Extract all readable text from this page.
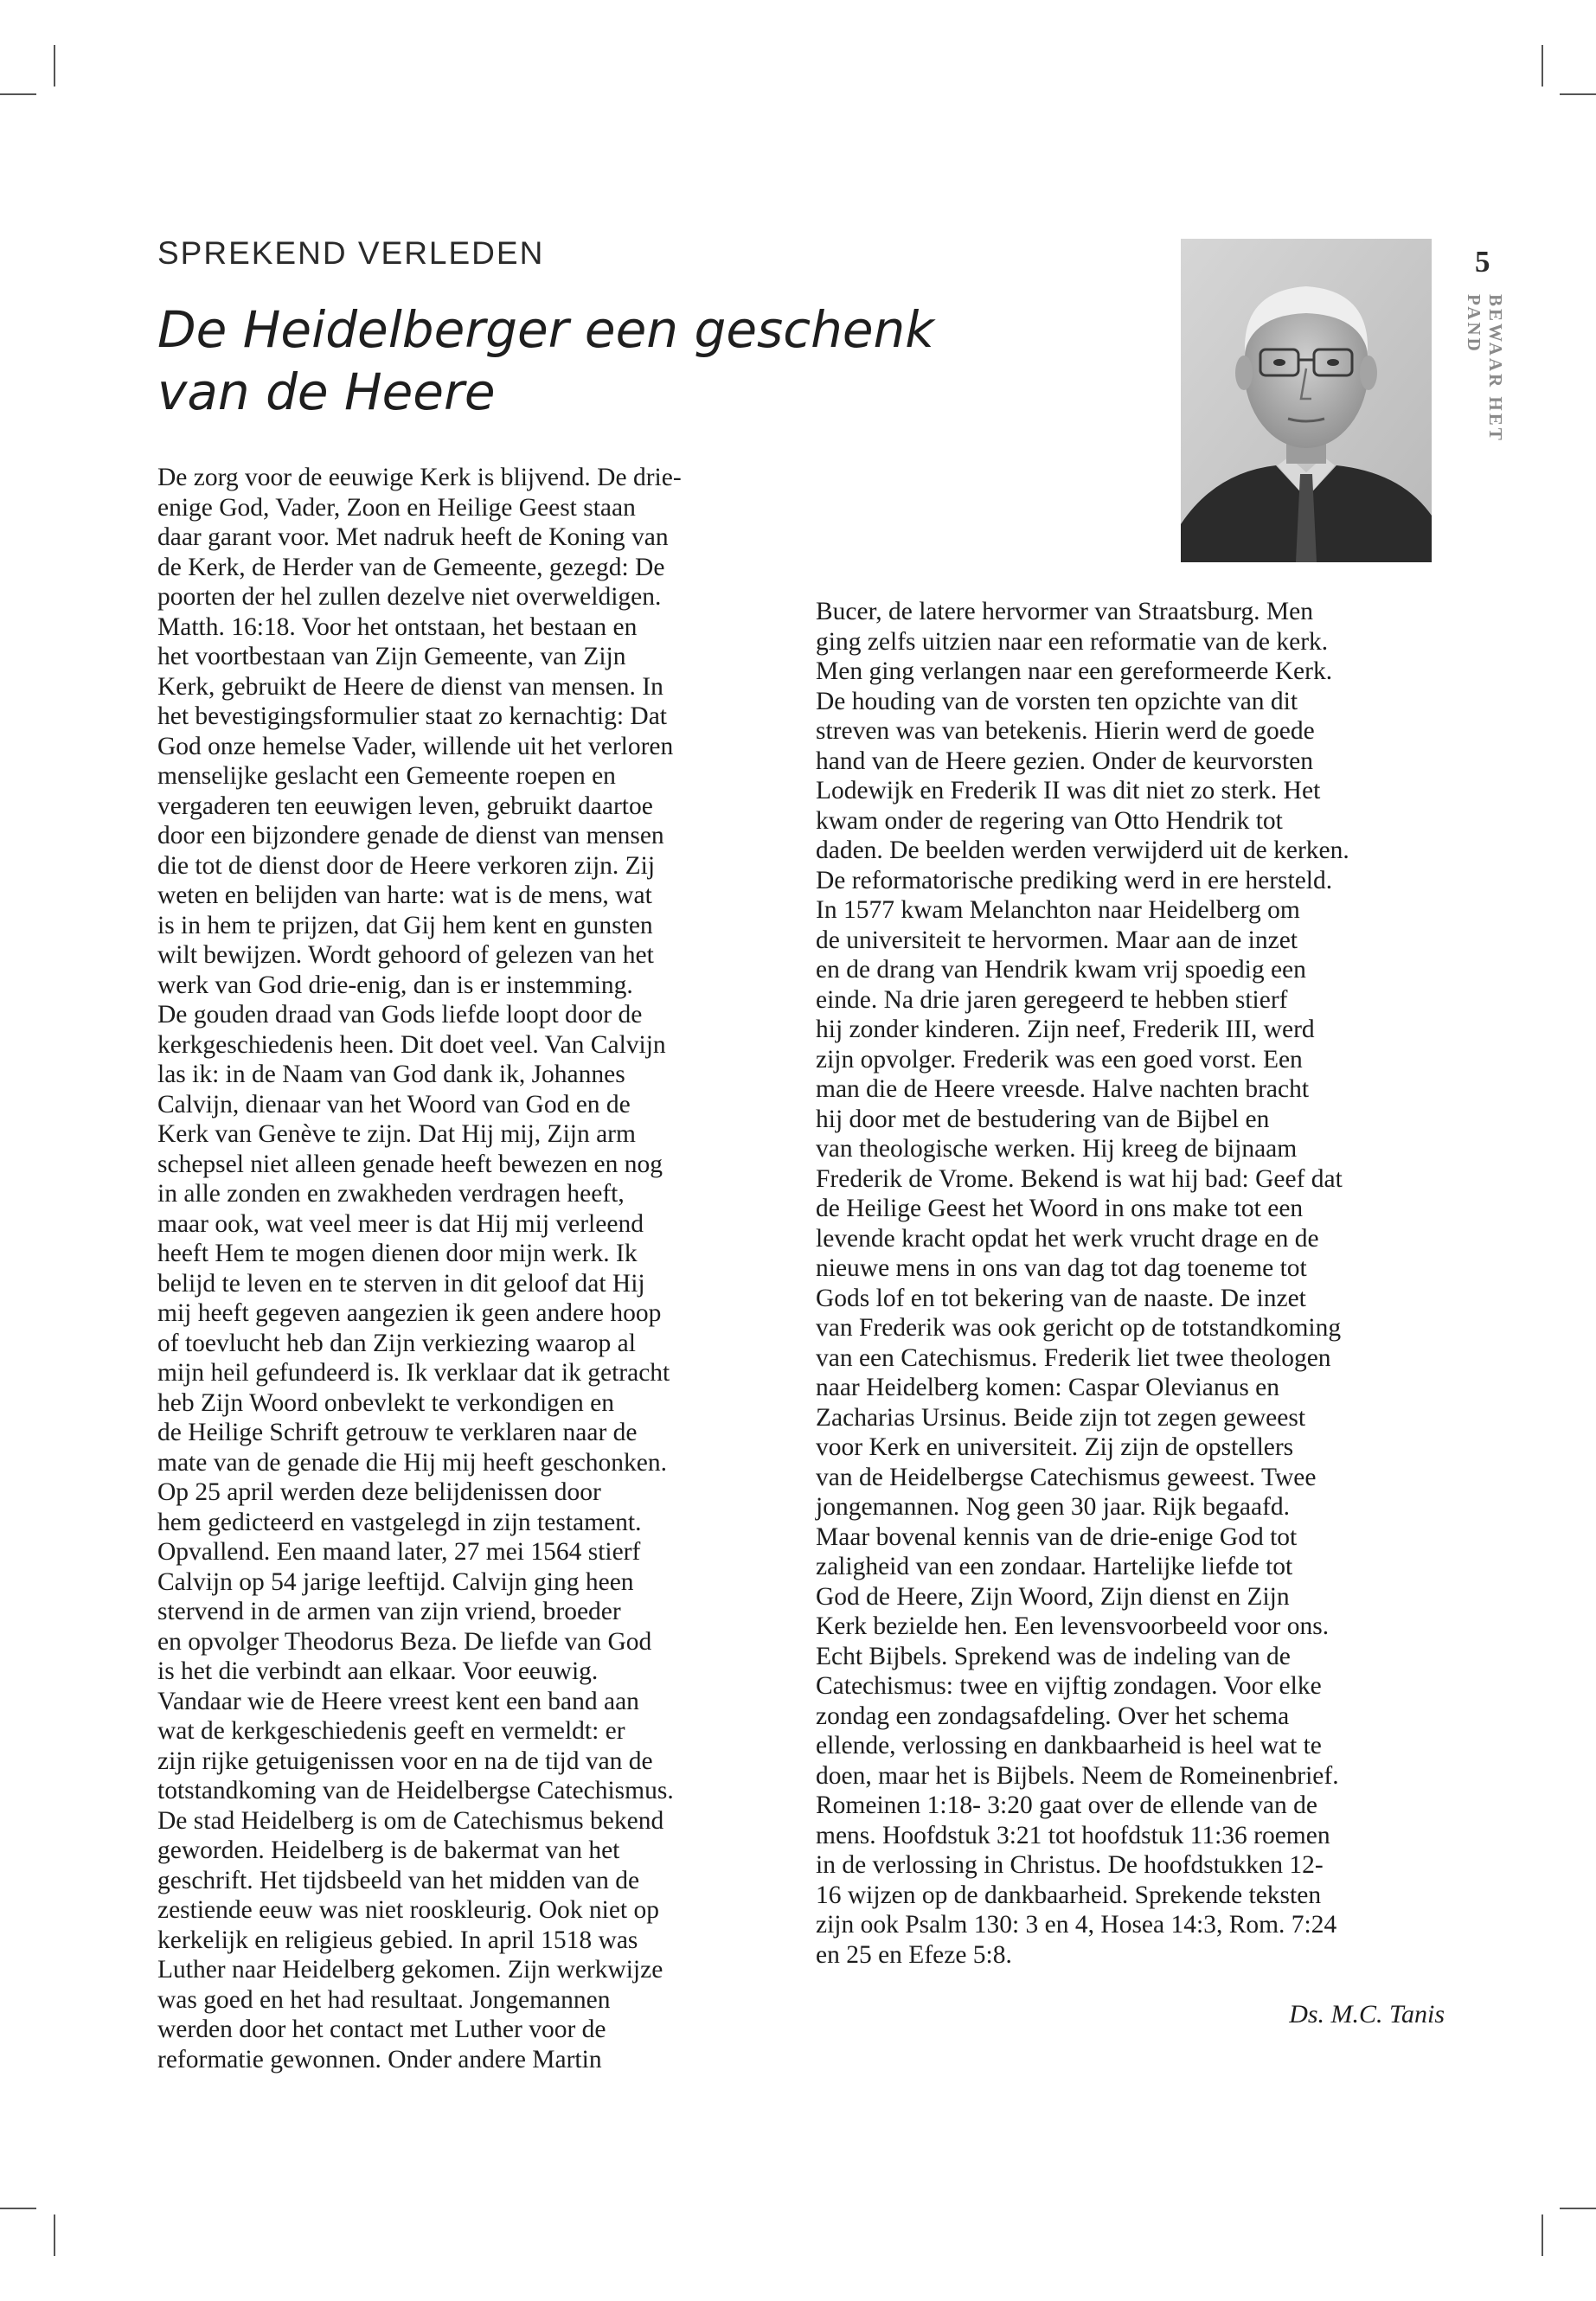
SPREKEND VERLEDEN
De Heidelberger een geschenk
van de Heere
5
BEWAAR HET PAND
De zorg voor de eeuwige Kerk is blijvend. De drie-
enige God, Vader, Zoon en Heilige Geest staan
daar garant voor. Met nadruk heeft de Koning van
de Kerk, de Herder van de Gemeente, gezegd: De
poorten der hel zullen dezelve niet overweldigen.
Matth. 16:18. Voor het ontstaan, het bestaan en
het voortbestaan van Zijn Gemeente, van Zijn
Kerk, gebruikt de Heere de dienst van mensen. In
het bevestigingsformulier staat zo kernachtig: Dat
God onze hemelse Vader, willende uit het verloren
menselijke geslacht een Gemeente roepen en
vergaderen ten eeuwigen leven, gebruikt daartoe
door een bijzondere genade de dienst van mensen
die tot de dienst door de Heere verkoren zijn. Zij
weten en belijden van harte: wat is de mens, wat
is in hem te prijzen, dat Gij hem kent en gunsten
wilt bewijzen. Wordt gehoord of gelezen van het
werk van God drie-enig, dan is er instemming.
De gouden draad van Gods liefde loopt door de
kerkgeschiedenis heen. Dit doet veel. Van Calvijn
las ik: in de Naam van God dank ik, Johannes
Calvijn, dienaar van het Woord van God en de
Kerk van Genève te zijn. Dat Hij mij, Zijn arm
schepsel niet alleen genade heeft bewezen en nog
in alle zonden en zwakheden verdragen heeft,
maar ook, wat veel meer is dat Hij mij verleend
heeft Hem te mogen dienen door mijn werk. Ik
belijd te leven en te sterven in dit geloof dat Hij
mij heeft gegeven aangezien ik geen andere hoop
of toevlucht heb dan Zijn verkiezing waarop al
mijn heil gefundeerd is. Ik verklaar dat ik getracht
heb Zijn Woord onbevlekt te verkondigen en
de Heilige Schrift getrouw te verklaren naar de
mate van de genade die Hij mij heeft geschonken.
Op 25 april werden deze belijdenissen door
hem gedicteerd en vastgelegd in zijn testament.
Opvallend. Een maand later, 27 mei 1564 stierf
Calvijn op 54 jarige leeftijd. Calvijn ging heen
stervend in de armen van zijn vriend, broeder
en opvolger Theodorus Beza. De liefde van God
is het die verbindt aan elkaar. Voor eeuwig.
Vandaar wie de Heere vreest kent een band aan
wat de kerkgeschiedenis geeft en vermeldt: er
zijn rijke getuigenissen voor en na de tijd van de
totstandkoming van de Heidelbergse Catechismus.
De stad Heidelberg is om de Catechismus bekend
geworden. Heidelberg is de bakermat van het
geschrift. Het tijdsbeeld van het midden van de
zestiende eeuw was niet rooskleurig. Ook niet op
kerkelijk en religieus gebied. In april 1518 was
Luther naar Heidelberg gekomen. Zijn werkwijze
was goed en het had resultaat. Jongemannen
werden door het contact met Luther voor de
reformatie gewonnen. Onder andere Martin
Bucer, de latere hervormer van Straatsburg. Men
ging zelfs uitzien naar een reformatie van de kerk.
Men ging verlangen naar een gereformeerde Kerk.
De houding van de vorsten ten opzichte van dit
streven was van betekenis. Hierin werd de goede
hand van de Heere gezien. Onder de keurvorsten
Lodewijk en Frederik II was dit niet zo sterk. Het
kwam onder de regering van Otto Hendrik tot
daden. De beelden werden verwijderd uit de kerken.
De reformatorische prediking werd in ere hersteld.
In 1577 kwam Melanchton naar Heidelberg om
de universiteit te hervormen. Maar aan de inzet
en de drang van Hendrik kwam vrij spoedig een
einde. Na drie jaren geregeerd te hebben stierf
hij zonder kinderen. Zijn neef, Frederik III, werd
zijn opvolger. Frederik was een goed vorst. Een
man die de Heere vreesde. Halve nachten bracht
hij door met de bestudering van de Bijbel en
van theologische werken. Hij kreeg de bijnaam
Frederik de Vrome. Bekend is wat hij bad: Geef dat
de Heilige Geest het Woord in ons make tot een
levende kracht opdat het werk vrucht drage en de
nieuwe mens in ons van dag tot dag toeneme tot
Gods lof en tot bekering van de naaste. De inzet
van Frederik was ook gericht op de totstandkoming
van een Catechismus. Frederik liet twee theologen
naar Heidelberg komen: Caspar Olevianus en
Zacharias Ursinus. Beide zijn tot zegen geweest
voor Kerk en universiteit. Zij zijn de opstellers
van de Heidelbergse Catechismus geweest. Twee
jongemannen. Nog geen 30 jaar. Rijk begaafd.
Maar bovenal kennis van de drie-enige God tot
zaligheid van een zondaar. Hartelijke liefde tot
God de Heere, Zijn Woord, Zijn dienst en Zijn
Kerk bezielde hen. Een levensvoorbeeld voor ons.
Echt Bijbels. Sprekend was de indeling van de
Catechismus: twee en vijftig zondagen. Voor elke
zondag een zondagsafdeling. Over het schema
ellende, verlossing en dankbaarheid is heel wat te
doen, maar het is Bijbels. Neem de Romeinenbrief.
Romeinen 1:18- 3:20 gaat over de ellende van de
mens. Hoofdstuk 3:21 tot hoofdstuk 11:36 roemen
in de verlossing in Christus. De hoofdstukken 12-
16 wijzen op de dankbaarheid. Sprekende teksten
zijn ook Psalm 130: 3 en 4, Hosea 14:3, Rom. 7:24
en 25 en Efeze 5:8.
Ds. M.C. Tanis
